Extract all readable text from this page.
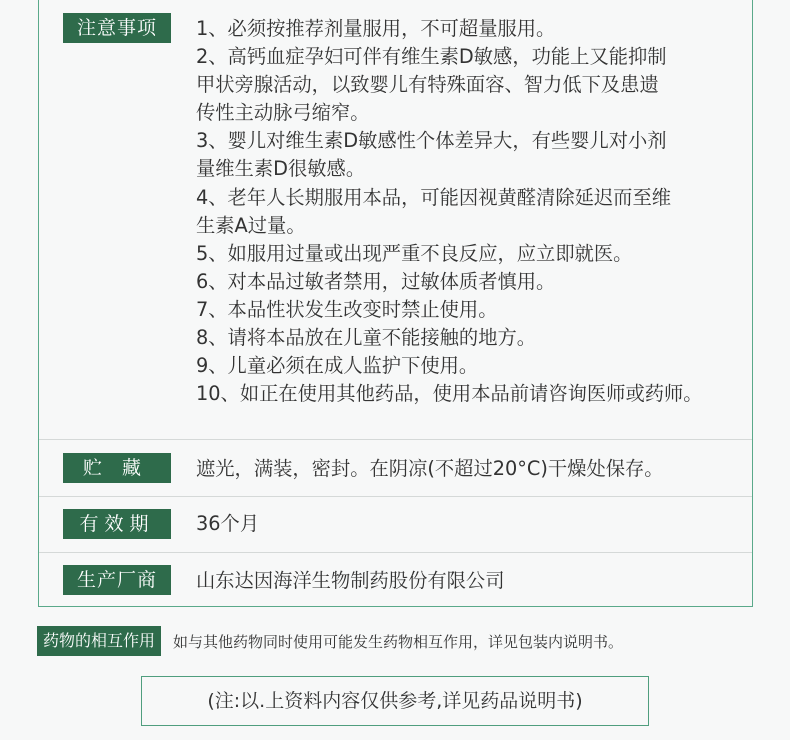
注意事项	1、必须按推荐剂量服用，不可超量服用。
2、高钙血症孕妇可伴有维生素D敏感，功能上又能抑制
甲状旁腺活动，以致婴儿有特殊面容、智力低下及患遗
传性主动脉弓缩窄。
3、婴儿对维生素D敏感性个体差异大，有些婴儿对小剂
量维生素D很敏感。
4、老年人长期服用本品，可能因视黄醛清除延迟而至维
生素A过量。
5、如服用过量或出现严重不良反应，应立即就医。
6、对本品过敏者禁用，过敏体质者慎用。
7、本品性状发生改变时禁止使用。
8、请将本品放在儿童不能接触的地方。
9、儿童必须在成人监护下使用。
10、如正在使用其他药品，使用本品前请咨询医师或药师。
贮藏	遮光，满装，密封。在阴凉(不超过20°C)干燥处保存。
有效期	36个月
生产厂商	山东达因海洋生物制药股份有限公司
药物的相互作用	如与其他药物同时使用可能发生药物相互作用，详见包装内说明书。
(注:以.上资料内容仅供参考,详见药品说明书)
